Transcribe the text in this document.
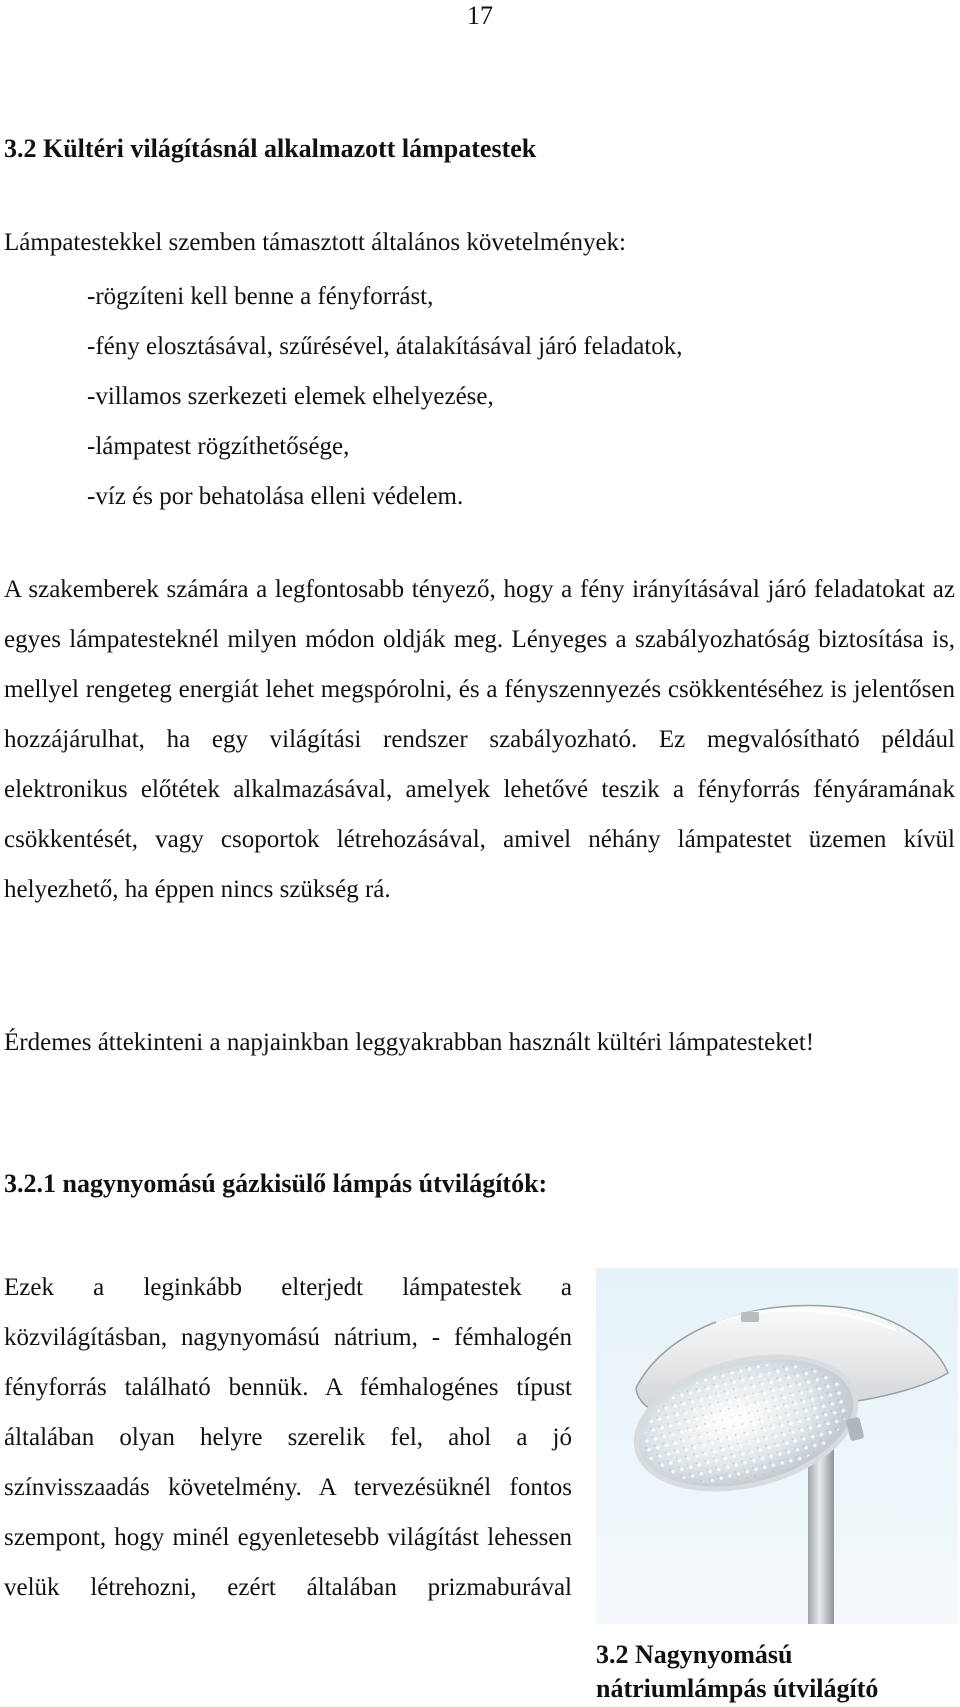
17
3.2 Kültéri világításnál alkalmazott lámpatestek
Lámpatestekkel szemben támasztott általános követelmények:
-rögzíteni kell benne a fényforrást,
-fény elosztásával, szűrésével, átalakításával járó feladatok,
-villamos szerkezeti elemek elhelyezése,
-lámpatest rögzíthetősége,
-víz és por behatolása elleni védelem.

A szakemberek számára a legfontosabb tényező, hogy a fény irányításával járó feladatokat az egyes lámpatesteknél milyen módon oldják meg. Lényeges a szabályozhatóság biztosítása is, mellyel rengeteg energiát lehet megspórolni, és a fényszennyezés csökkentéséhez is jelentősen hozzájárulhat, ha egy világítási rendszer szabályozható. Ez megvalósítható például elektronikus előtétek alkalmazásával, amelyek lehetővé teszik a fényforrás fényáramának csökkentését, vagy csoportok létrehozásával, amivel néhány lámpatestet üzemen kívül helyezhető, ha éppen nincs szükség rá.

Érdemes áttekinteni a napjainkban leggyakrabban használt kültéri lámpatesteket!

3.2.1 nagynyomású gázkisülő lámpás útvilágítók:

Ezek a leginkább elterjedt lámpatestek a közvilágításban, nagynyomású nátrium, - fémhalogén fényforrás található bennük. A fémhalogénes típust általában olyan helyre szerelik fel, ahol a jó színvisszaadás követelmény. A tervezésüknél fontos szempont, hogy minél egyenletesebb világítást lehessen velük létrehozni, ezért általában prizmaburával

3.2 Nagynyomású nátriumlámpás útvilágító
